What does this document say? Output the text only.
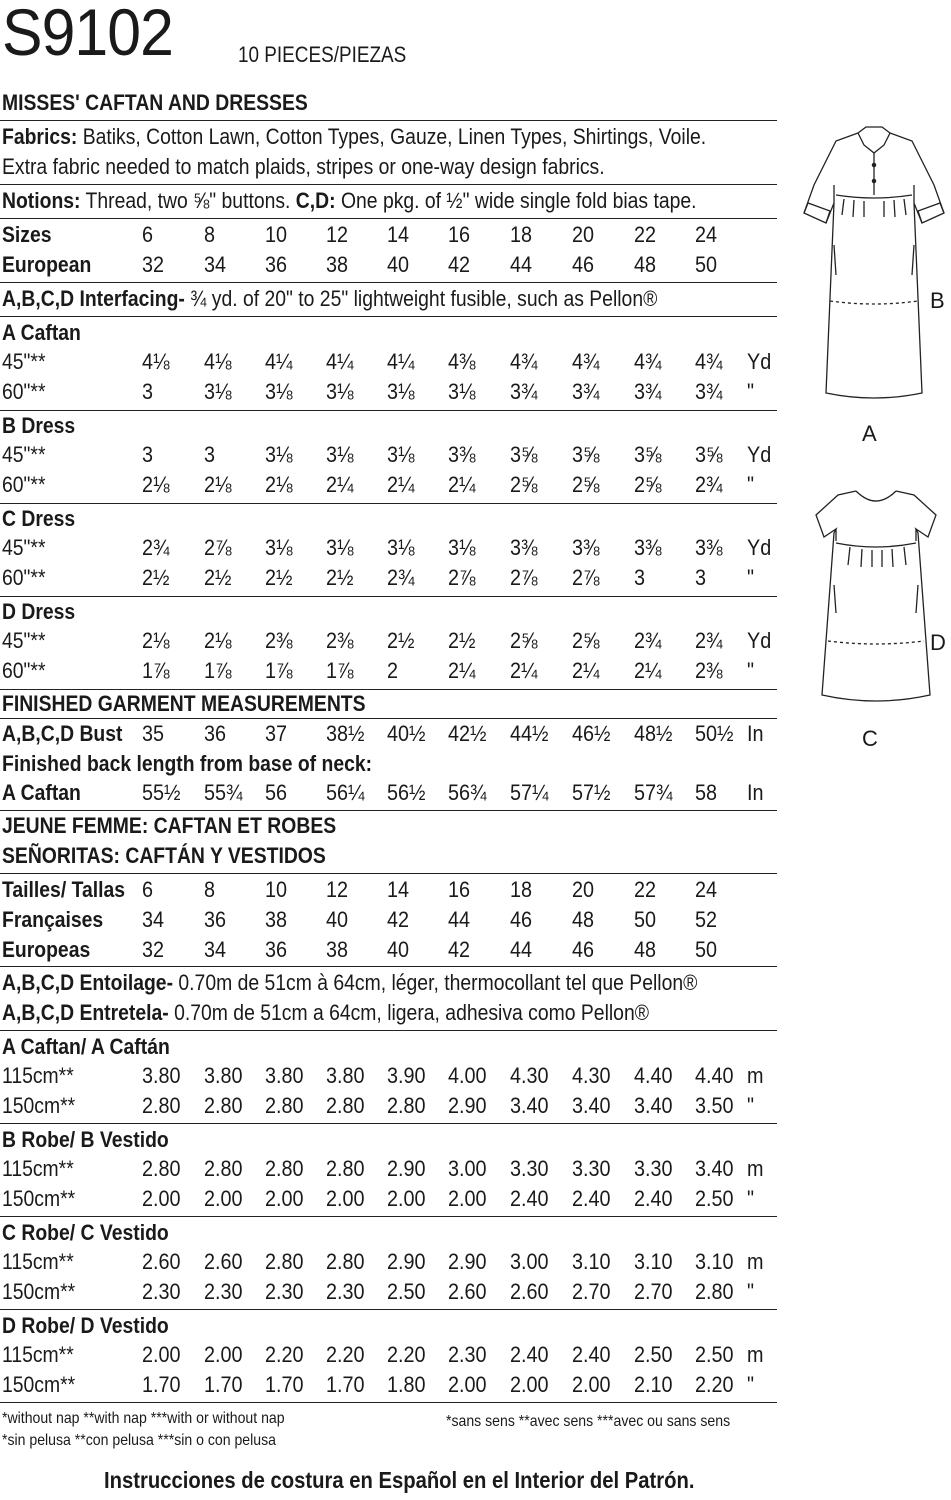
S9102	10 PIECES/PIEZAS
MISSES' CAFTAN AND DRESSES
Fabrics: Batiks, Cotton Lawn, Cotton Types, Gauze, Linen Types, Shirtings, Voile.
Extra fabric needed to match plaids, stripes or one-way design fabrics.
Notions: Thread, two ⅝" buttons. C,D: One pkg. of ½" wide single fold bias tape.
Sizes	6	8	10	12	14	16	18	20	22	24
European 32	34	36	38	40	42	44	46	48	50
A,B,C,D Interfacing- ¾ yd. of 20" to 25" lightweight fusible, such as Pellon®
A Caftan
45"**	4⅛	4⅛	4¼	4¼	4¼	4⅜	4¾	4¾	4¾	4¾	Yd
60"**	3	3⅛	3⅛	3⅛	3⅛	3⅛	3¾	3¾	3¾	3¾	"
B Dress
45"**	3	3	3⅛	3⅛	3⅛	3⅜	3⅝	3⅝	3⅝	3⅝	Yd
60"**	2⅛	2⅛	2⅛	2¼	2¼	2¼	2⅝	2⅝	2⅝	2¾	"
C Dress
45"**	2¾	2⅞	3⅛	3⅛	3⅛	3⅛	3⅜	3⅜	3⅜	3⅜	Yd
60"**	2½	2½	2½	2½	2¾	2⅞	2⅞	2⅞	3	3	"
D Dress
45"**	2⅛	2⅛	2⅜	2⅜	2½	2½	2⅝	2⅝	2¾	2¾	Yd
60"**	1⅞	1⅞	1⅞	1⅞	2	2¼	2¼	2¼	2¼	2⅜	"
FINISHED GARMENT MEASUREMENTS
A,B,C,D Bust 35	36	37	38½	40½	42½	44½	46½	48½	50½ In
Finished back length from base of neck:
A Caftan	55½	55¾	56	56¼	56½	56¾	57¼	57½	57¾	58	In
JEUNE FEMME: CAFTAN ET ROBES
SEÑORITAS: CAFTÁN Y VESTIDOS
Tailles/ Tallas 6	8	10	12	14	16	18	20	22	24
Françaises 34	36	38	40	42	44	46	48	50	52
Europeas 32	34	36	38	40	42	44	46	48	50
A,B,C,D Entoilage- 0.70m de 51cm à 64cm, léger, thermocollant tel que Pellon®
A,B,C,D Entretela- 0.70m de 51cm a 64cm, ligera, adhesiva como Pellon®
A Caftan/ A Caftán
115cm**	3.80	3.80	3.80	3.80	3.90	4.00	4.30	4.30	4.40	4.40 m
150cm**	2.80	2.80	2.80	2.80	2.80	2.90	3.40	3.40	3.40	3.50 "
B Robe/ B Vestido
115cm**	2.80	2.80	2.80	2.80	2.90	3.00	3.30	3.30	3.30	3.40 m
150cm**	2.00	2.00	2.00	2.00	2.00	2.00	2.40	2.40	2.40	2.50 "
C Robe/ C Vestido
115cm**	2.60	2.60	2.80	2.80	2.90	2.90	3.00	3.10	3.10	3.10 m
150cm**	2.30	2.30	2.30	2.30	2.50	2.60	2.60	2.70	2.70	2.80 "
D Robe/ D Vestido
115cm**	2.00	2.00	2.20	2.20	2.20	2.30	2.40	2.40	2.50	2.50 m
150cm**	1.70	1.70	1.70	1.70	1.80	2.00	2.00	2.00	2.10	2.20 "
B
A
D
C
*without nap **with nap ***with or without nap
*sin pelusa **con pelusa ***sin o con pelusa
*sans sens **avec sens ***avec ou sans sens
Instrucciones de costura en Español en el Interior del Patrón.
